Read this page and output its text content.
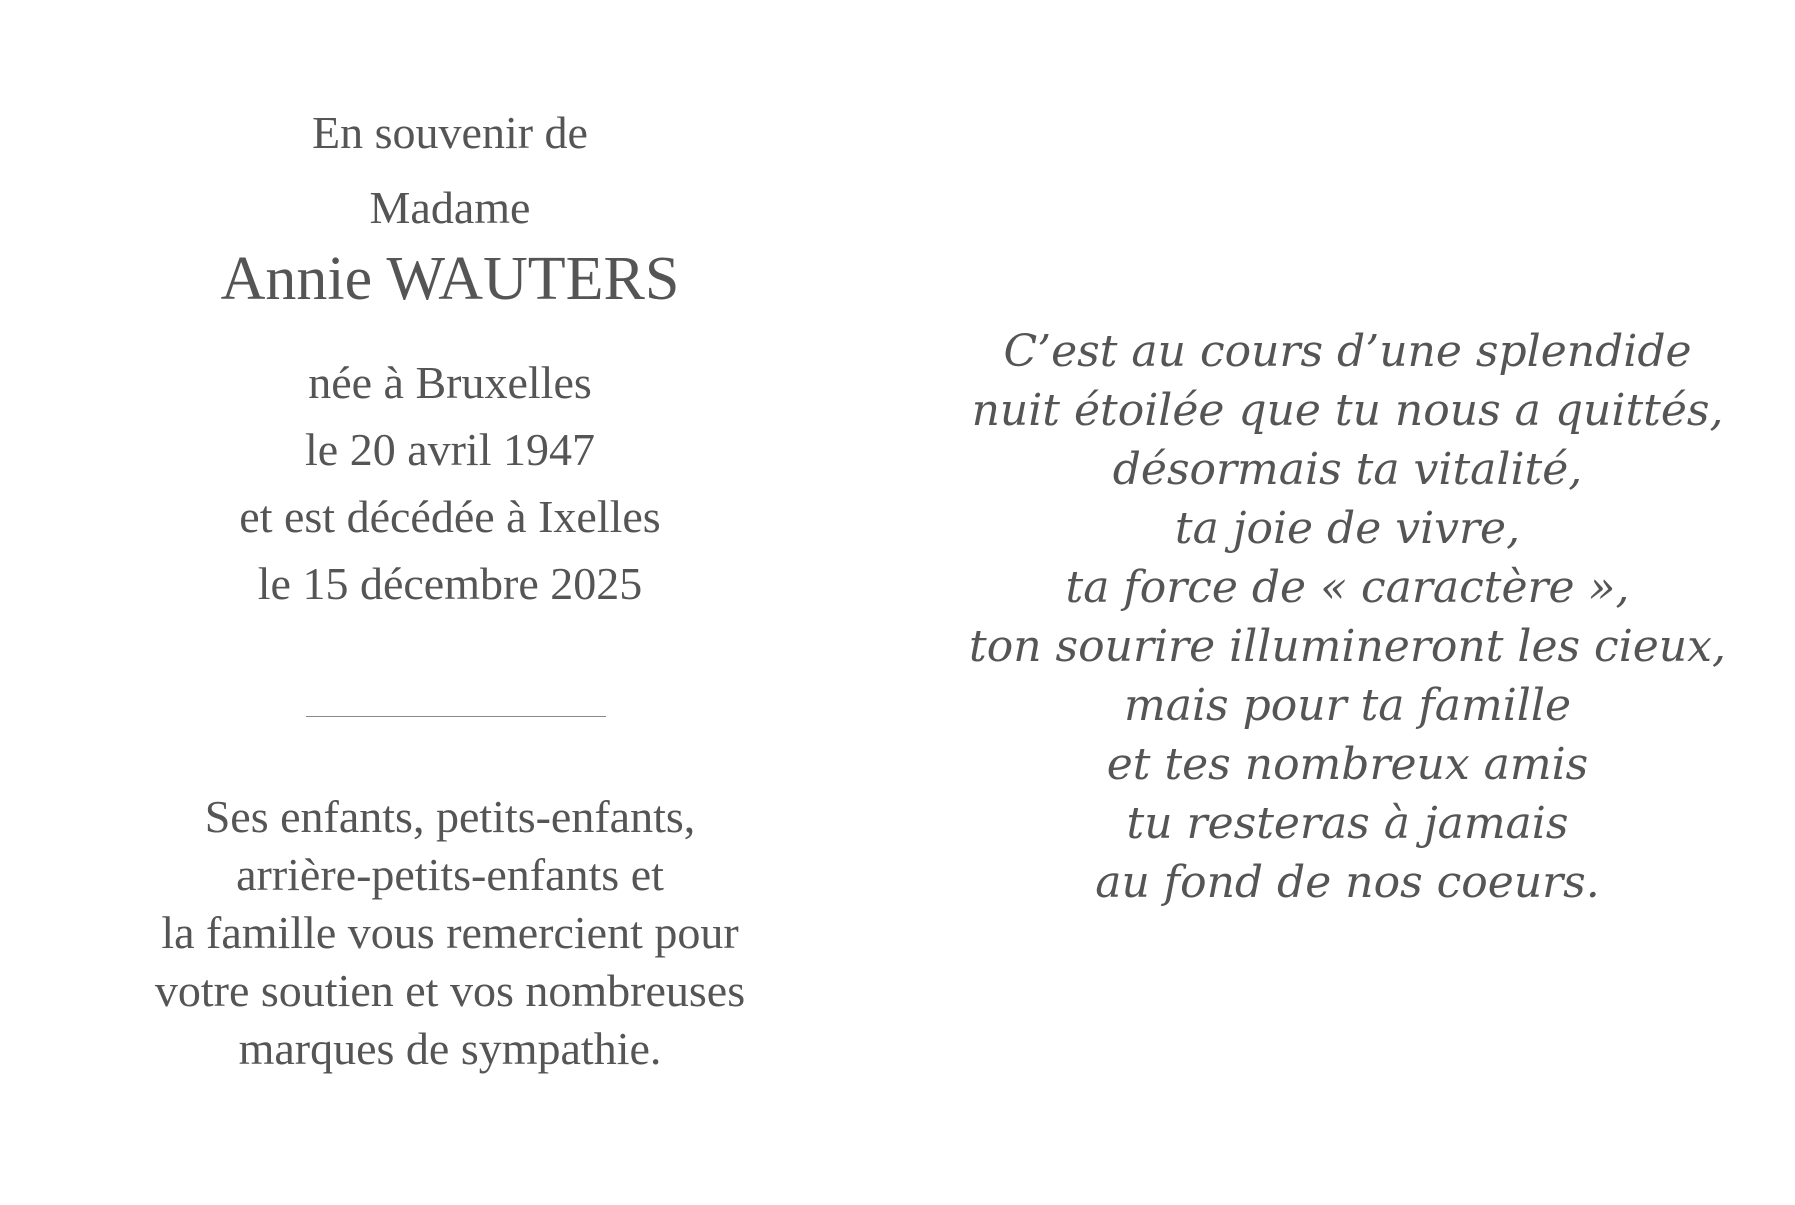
En souvenir de

Madame

Annie WAUTERS

née à Bruxelles

le 20 avril 1947

et est décédée à Ixelles

le 15 décembre 2025

Ses enfants, petits-enfants,

arrière-petits-enfants et

la famille vous remercient pour

votre soutien et vos nombreuses

marques de sympathie.

C’est au cours d’une splendide

nuit étoilée que tu nous a quittés,

désormais ta vitalité,

ta joie de vivre,

ta force de « caractère »,

ton sourire illumineront les cieux,

mais pour ta famille

et tes nombreux amis

tu resteras à jamais

au fond de nos coeurs.
